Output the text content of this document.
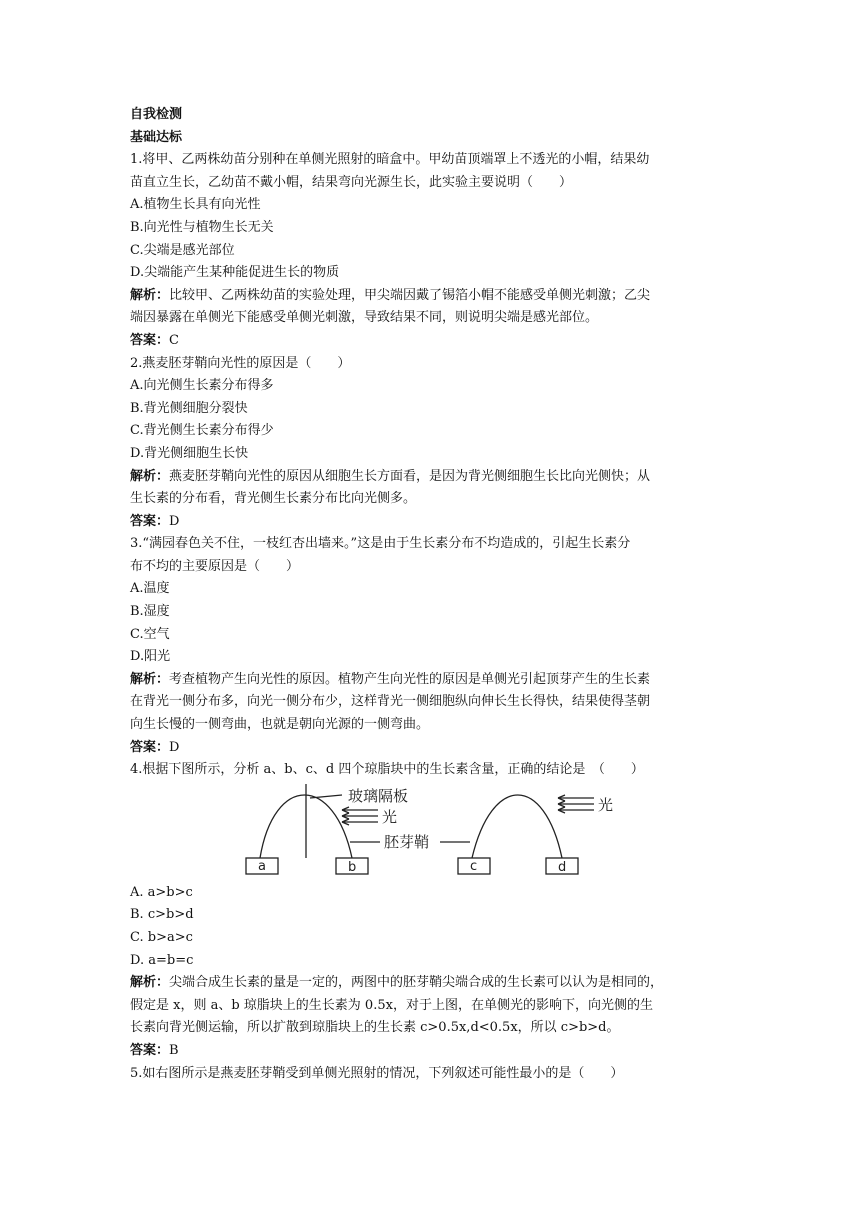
自我检测
基础达标
1.将甲、乙两株幼苗分别种在单侧光照射的暗盒中。甲幼苗顶端罩上不透光的小帽，结果幼
苗直立生长，乙幼苗不戴小帽，结果弯向光源生长，此实验主要说明（　　）
A.植物生长具有向光性
B.向光性与植物生长无关
C.尖端是感光部位
D.尖端能产生某种能促进生长的物质
解析：比较甲、乙两株幼苗的实验处理，甲尖端因戴了锡箔小帽不能感受单侧光刺激；乙尖
端因暴露在单侧光下能感受单侧光刺激，导致结果不同，则说明尖端是感光部位。
答案：C
2.燕麦胚芽鞘向光性的原因是（　　）
A.向光侧生长素分布得多
B.背光侧细胞分裂快
C.背光侧生长素分布得少
D.背光侧细胞生长快
解析：燕麦胚芽鞘向光性的原因从细胞生长方面看，是因为背光侧细胞生长比向光侧快；从
生长素的分布看，背光侧生长素分布比向光侧多。
答案：D
3.“满园春色关不住，一枝红杏出墙来。”这是由于生长素分布不均造成的，引起生长素分
布不均的主要原因是（　　）
A.温度
B.湿度
C.空气
D.阳光
解析：考查植物产生向光性的原因。植物产生向光性的原因是单侧光引起顶芽产生的生长素
在背光一侧分布多，向光一侧分布少，这样背光一侧细胞纵向伸长生长得快，结果使得茎朝
向生长慢的一侧弯曲，也就是朝向光源的一侧弯曲。
答案：D
4.根据下图所示，分析 a、b、c、d 四个琼脂块中的生长素含量，正确的结论是　（　　）
a	b
玻璃隔板
光
胚芽鞘
c	d
光
A. a>b>c
B. c>b>d
C. b>a>c
D. a=b=c
解析：尖端合成生长素的量是一定的，两图中的胚芽鞘尖端合成的生长素可以认为是相同的，
假定是 x，则 a、b 琼脂块上的生长素为 0.5x，对于上图，在单侧光的影响下，向光侧的生
长素向背光侧运输，所以扩散到琼脂块上的生长素 c>0.5x,d<0.5x，所以 c>b>d。
答案：B
5.如右图所示是燕麦胚芽鞘受到单侧光照射的情况，下列叙述可能性最小的是（　　）
